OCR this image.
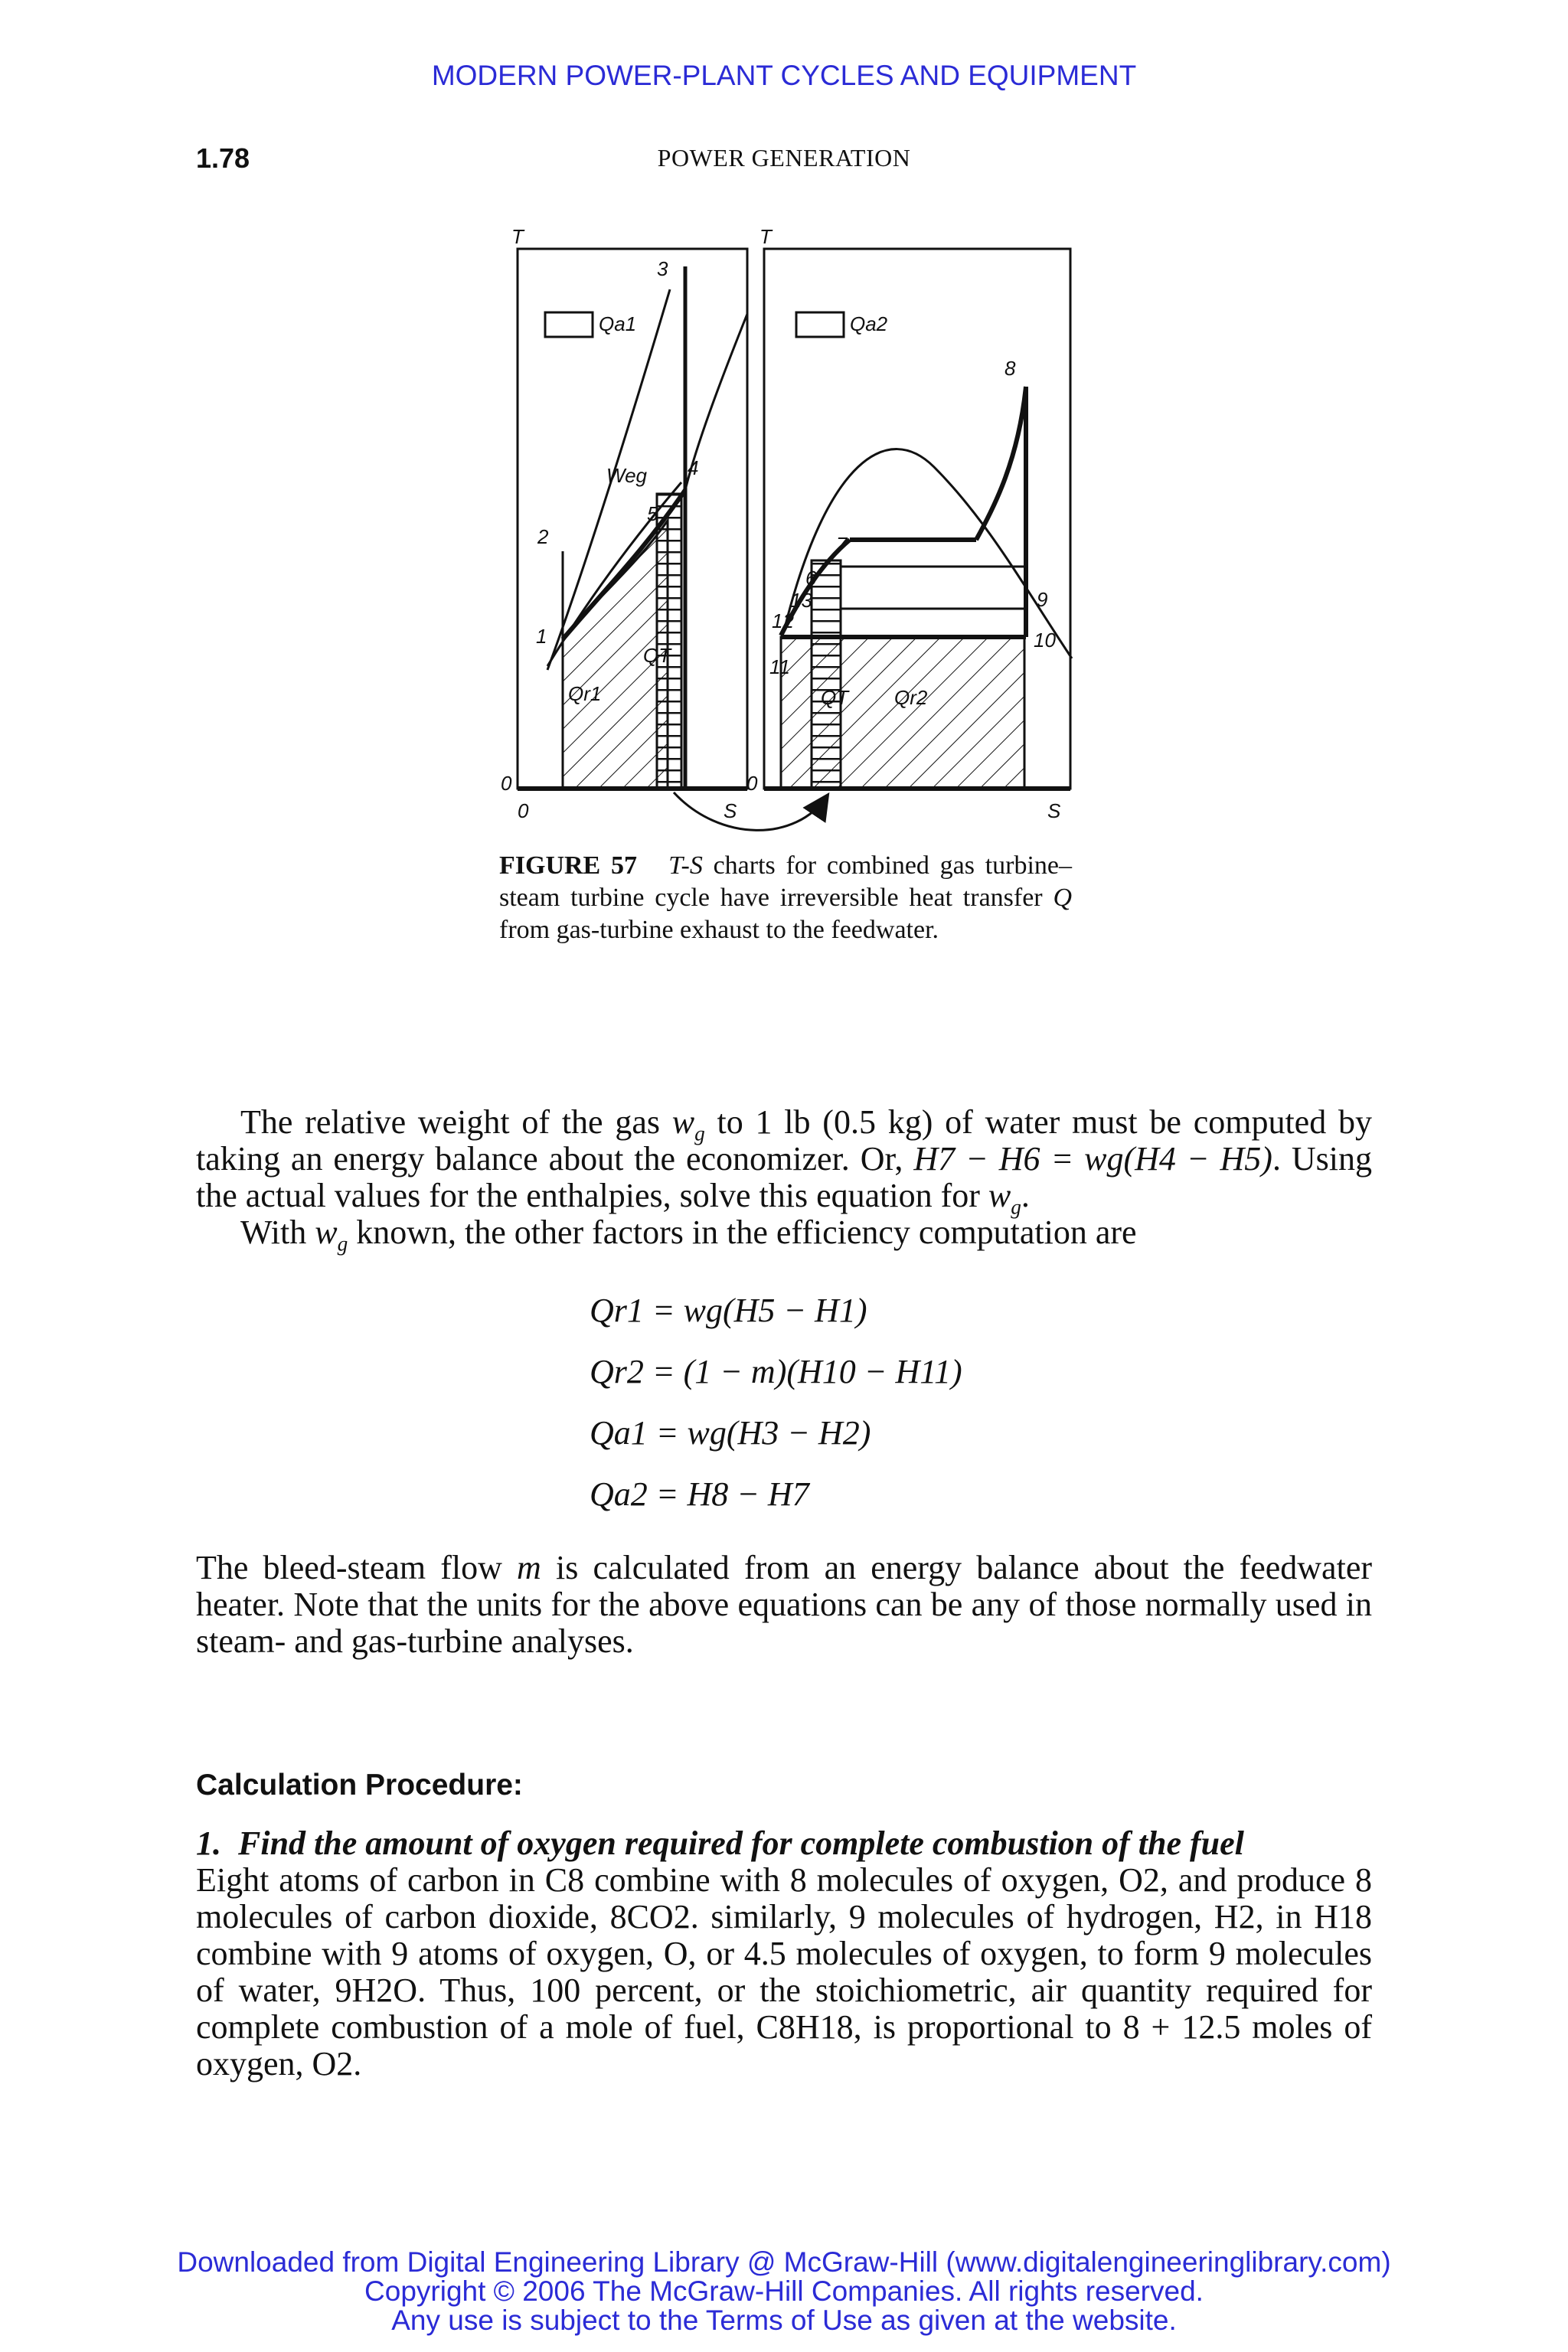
MODERN POWER-PLANT CYCLES AND EQUIPMENT
1.78	POWER GENERATION
T
0
0	S
Qa1
Weg
Qr1
QT
1
2
3
4
5
T
0
S
Qa2
QT Qr2
6
7
8
9
10
11
12
13
FIGURE 57 T-S charts for combined gas turbine–steam turbine cycle have irreversible heat transfer Q from gas-turbine exhaust to the feedwater.

The relative weight of the gas $w_g$ to 1 lb (0.5 kg) of water must be computed by taking an energy balance about the economizer. Or, H7 − H6 = wg(H4 − H5). Using the actual values for the enthalpies, solve this equation for $w_g$.

With $w_g$ known, the other factors in the efficiency computation are

Qr1 = wg(H5 − H1)
Qr2 = (1 − m)(H10 − H11)
Qa1 = wg(H3 − H2)
Qa2 = H8 − H7

The bleed-steam flow m is calculated from an energy balance about the feedwater heater. Note that the units for the above equations can be any of those normally used in steam- and gas-turbine analyses.

Calculation Procedure:

1. Find the amount of oxygen required for complete combustion of the fuel
Eight atoms of carbon in C8 combine with 8 molecules of oxygen, O2, and produce 8 molecules of carbon dioxide, 8CO2. similarly, 9 molecules of hydrogen, H2, in H18 combine with 9 atoms of oxygen, O, or 4.5 molecules of oxygen, to form 9 molecules of water, 9H2O. Thus, 100 percent, or the stoichiometric, air quantity required for complete combustion of a mole of fuel, C8H18, is proportional to 8 + 12.5 moles of oxygen, O2.

Downloaded from Digital Engineering Library @ McGraw-Hill (www.digitalengineeringlibrary.com)
Copyright © 2006 The McGraw-Hill Companies. All rights reserved.
Any use is subject to the Terms of Use as given at the website.
